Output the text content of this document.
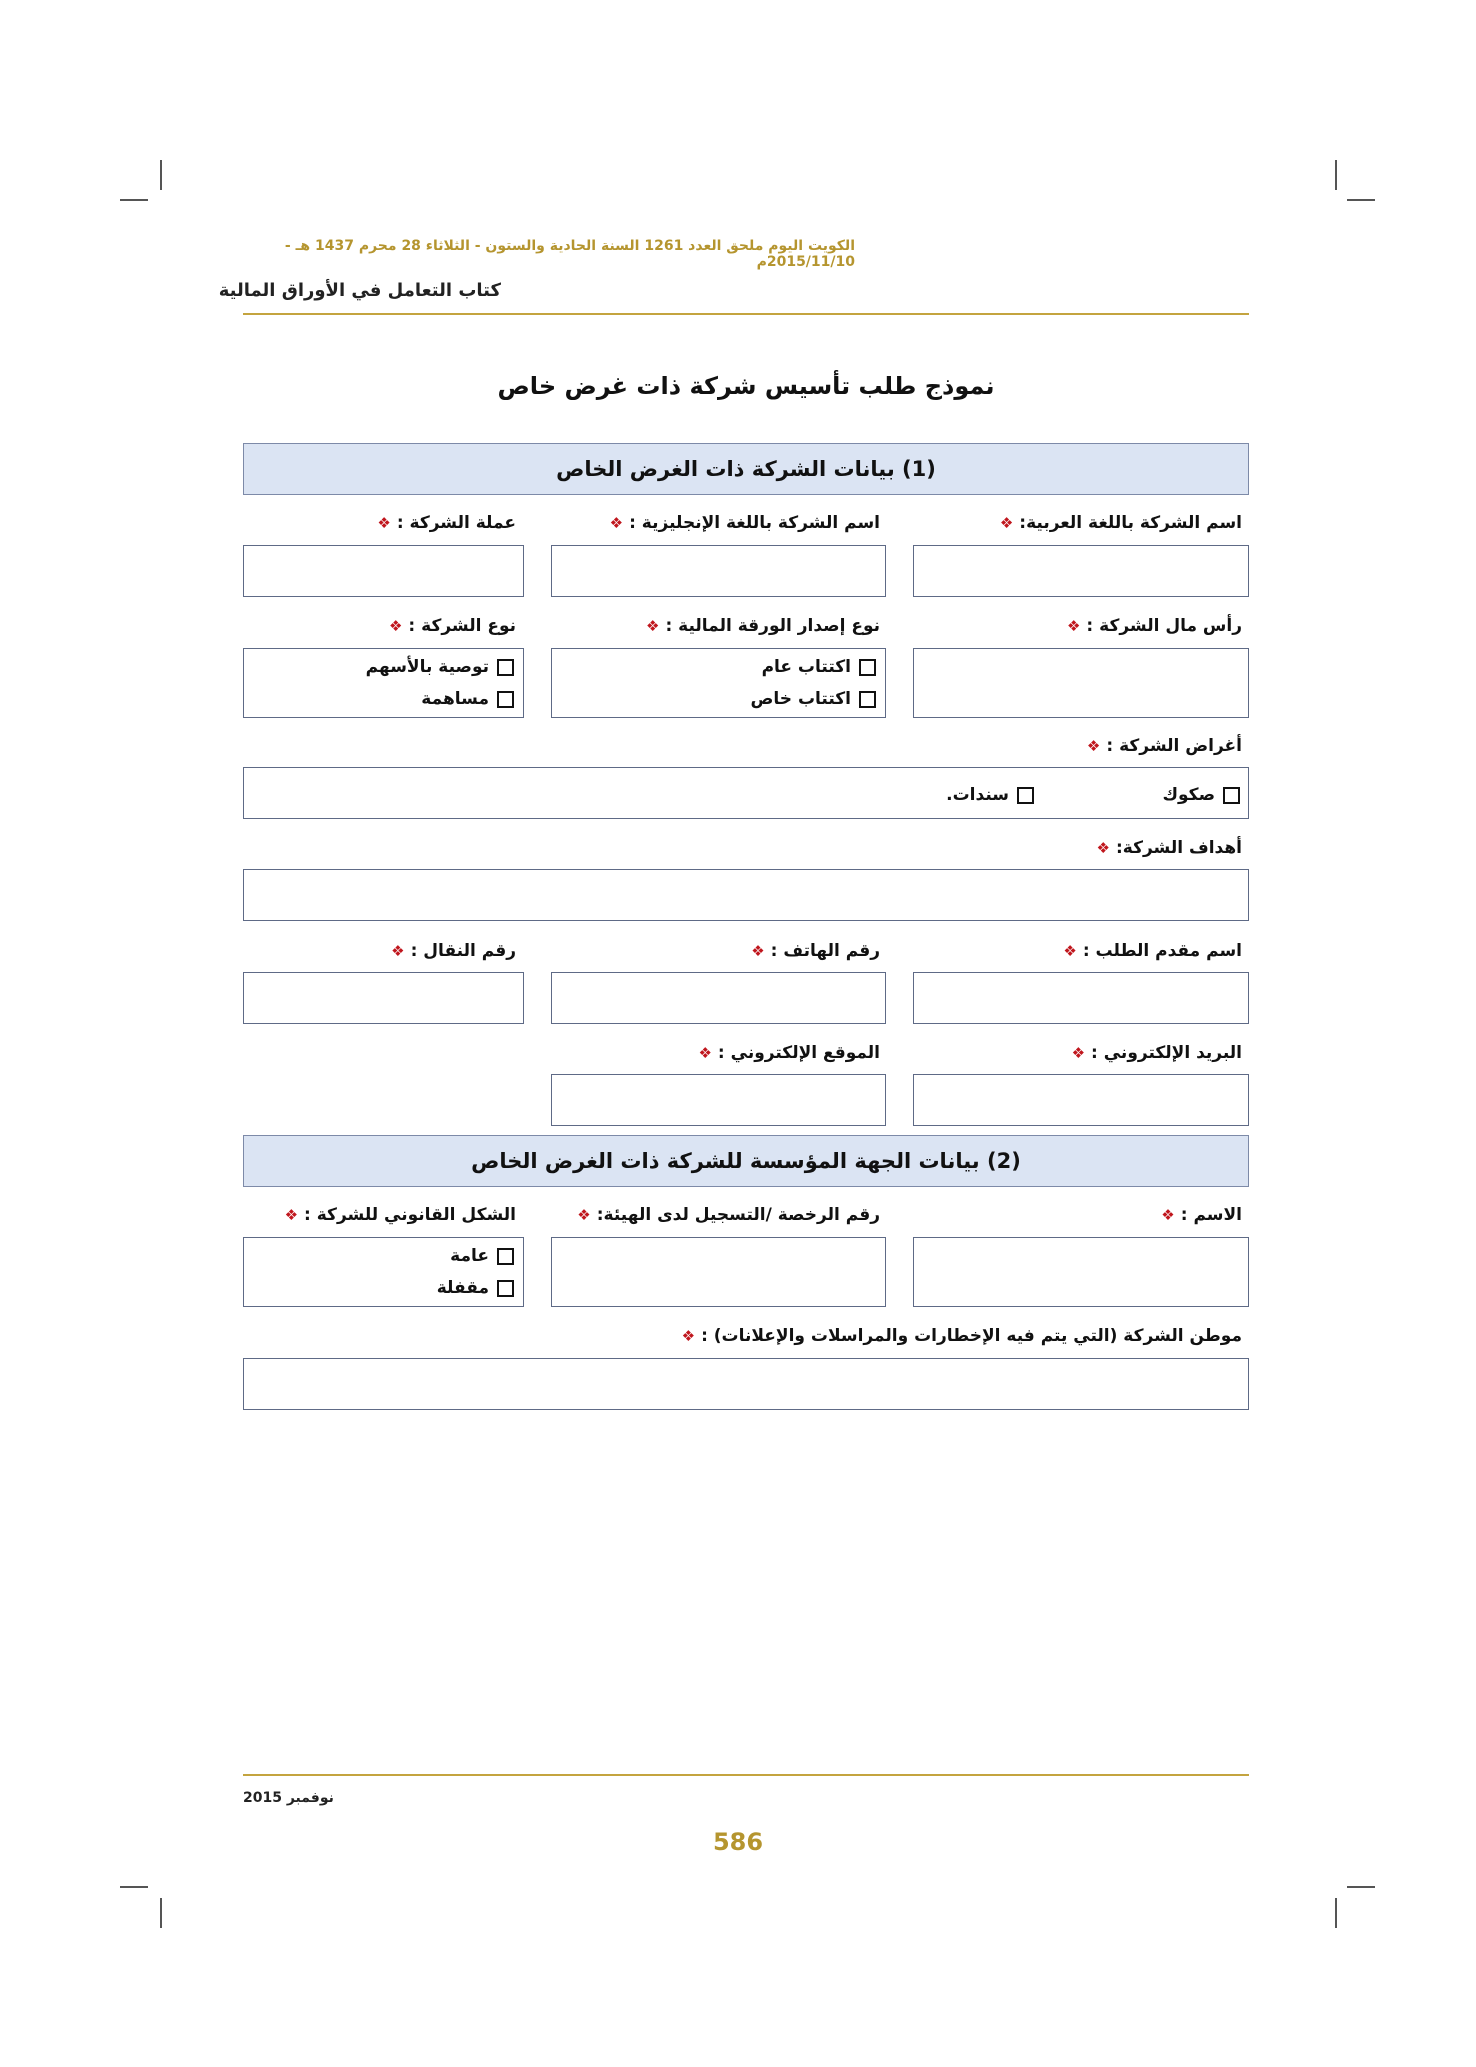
الكويت اليوم ملحق العدد 1261 السنة الحادية والستون - الثلاثاء 28 محرم 1437 هـ - 2015/11/10م
كتاب التعامل في الأوراق المالية
نموذج طلب تأسيس شركة ذات غرض خاص
(1) بيانات الشركة ذات الغرض الخاص
اسم الشركة باللغة العربية:❖
اسم الشركة باللغة الإنجليزية :❖
عملة الشركة :❖
رأس مال الشركة :❖
نوع إصدار الورقة المالية :❖
نوع الشركة :❖
اكتتاب عام
اكتتاب خاص
توصية بالأسهم
مساهمة
أغراض الشركة :❖
صكوك
سندات.
أهداف الشركة:❖
اسم مقدم الطلب :❖
رقم الهاتف :❖
رقم النقال :❖
البريد الإلكتروني :❖
الموقع الإلكتروني :❖
(2) بيانات الجهة المؤسسة للشركة ذات الغرض الخاص
الاسم :❖
رقم الرخصة /التسجيل لدى الهيئة:❖
الشكل القانوني للشركة :❖
عامة
مقفلة
موطن الشركة (التي يتم فيه الإخطارات والمراسلات والإعلانات) :❖
نوفمبر 2015
586
